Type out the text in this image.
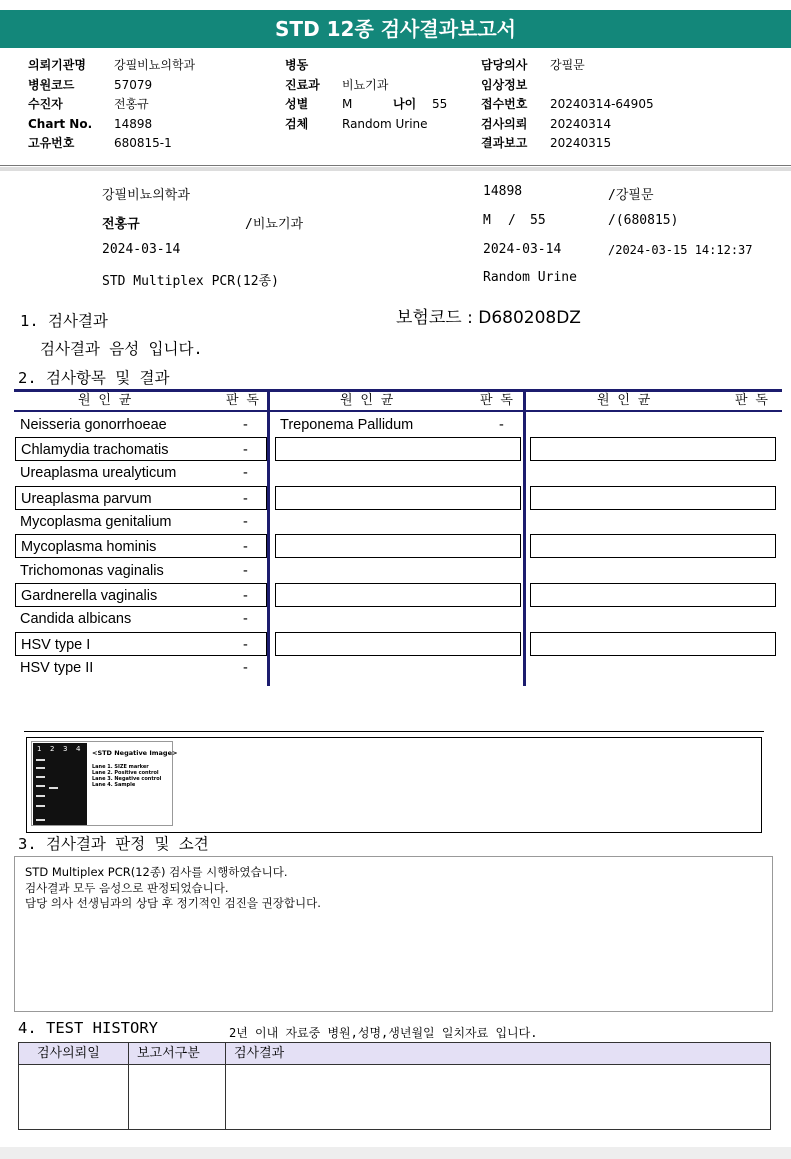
STD 12종 검사결과보고서
의뢰기관명 강필비뇨의학과
병원코드	57079
수진자	전홍규
Chart No. 14898
고유번호	680815-1
병동
진료과 비뇨기과
성별	M	나이 55
검체	Random Urine
담당의사 강필문
임상정보
접수번호 20240314-64905
검사의뢰 20240314
결과보고 20240315
강필비뇨의학과	14898	/강필문
전홍규	/비뇨기과	M / 55	/(680815)
2024-03-14	2024-03-14	/2024-03-15 14:12:37
STD Multiplex PCR(12종)	Random Urine
1. 검사결과	보험코드 : D680208DZ
검사결과 음성 입니다.
2. 검사항목 및 결과
원 인 균	판 독	원 인 균	판 독	원 인 균	판 독
Neisseria gonorrhoeae	-
Chlamydia trachomatis	-
Ureaplasma urealyticum	-
Ureaplasma parvum	-
Mycoplasma genitalium	-
Mycoplasma hominis	-
Trichomonas vaginalis	-
Gardnerella vaginalis	-
Candida albicans	-
HSV type I	-
HSV type II	-
Treponema Pallidum	-
1 2 3 4 <STD Negative Image>
Lane 1. SIZE marker
Lane 2. Positive control
Lane 3. Negative control
Lane 4. Sample
3. 검사결과 판정 및 소견
STD Multiplex PCR(12종) 검사를 시행하였습니다.
검사결과 모두 음성으로 판정되었습니다.
담당 의사 선생님과의 상담 후 정기적인 검진을 권장합니다.
4. TEST HISTORY	2년 이내 자료중 병원,성명,생년월일 일치자료 입니다.
검사의뢰일	보고서구분	검사결과
